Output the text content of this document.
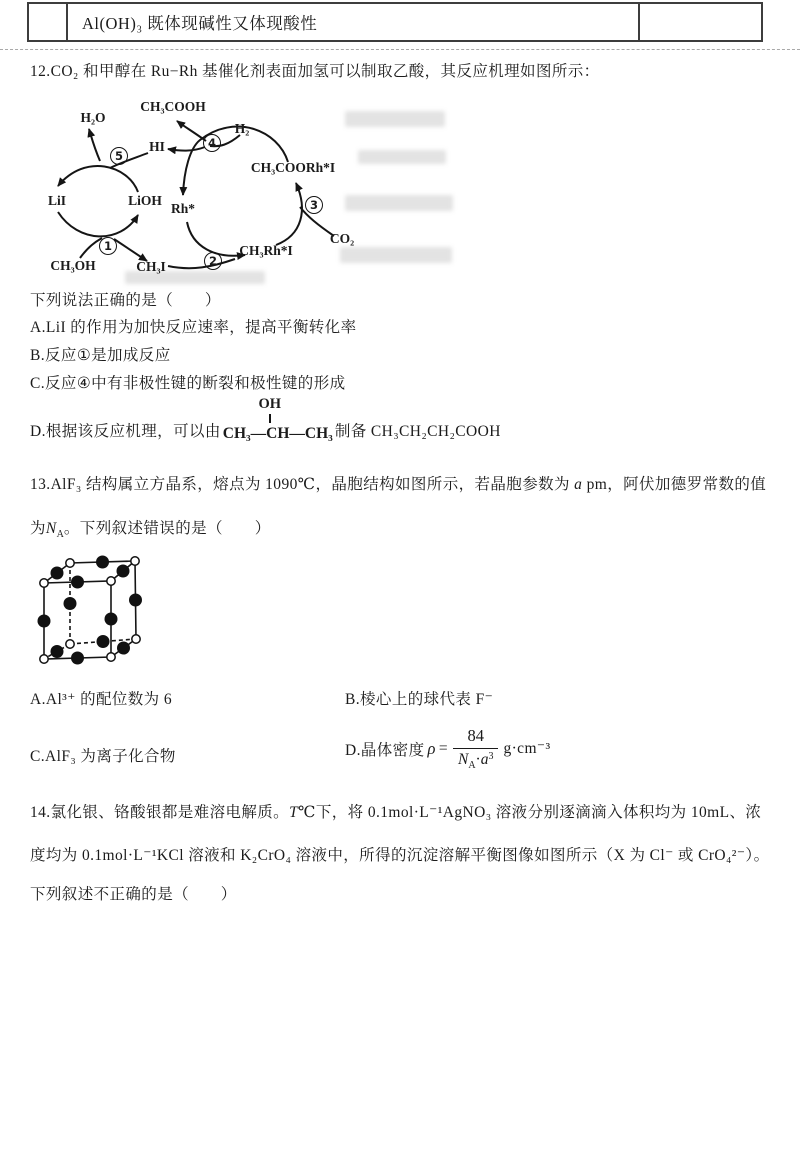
Al(OH)₃ 既体现碱性又体现酸性
12.CO₂ 和甲醇在 Ru−Rh 基催化剂表面加氢可以制取乙酸，其反应机理如图所示：
H₂O
CH₃COOH
H₂
HI
CH₃COORh*I
LiI	LiOH
Rh*
CO₂
CH₃OH	CH₃I
CH₃Rh*I
5
4
1
2
3
下列说法正确的是（　　）
A.LiI 的作用为加快反应速率，提高平衡转化率
B.反应①是加成反应
C.反应④中有非极性键的断裂和极性键的形成
D.根据该反应机理，可以由
OH
CH₃—CH—CH₃ 制备 CH₃CH₂CH₂COOH
13.AlF₃ 结构属立方晶系，熔点为 1090℃，晶胞结构如图所示，若晶胞参数为 a pm，阿伏加德罗常数的值
为$N_A$。下列叙述错误的是（　　）
A.Al³⁺ 的配位数为 6	B.棱心上的球代表 F⁻
C.AlF₃ 为离子化合物	D.晶体密度 $\rho = \frac{84}{N_A\cdot a^3} g\cdot cm^{-3}$
14.氯化银、铬酸银都是难溶电解质。T℃下，将 0.1mol·L⁻¹AgNO₃ 溶液分别逐滴滴入体积均为 10mL、浓
度均为 0.1mol·L⁻¹KCl 溶液和 K₂CrO₄ 溶液中，所得的沉淀溶解平衡图像如图所示（X 为 Cl⁻ 或 CrO₄²⁻）。
下列叙述不正确的是（　　）
